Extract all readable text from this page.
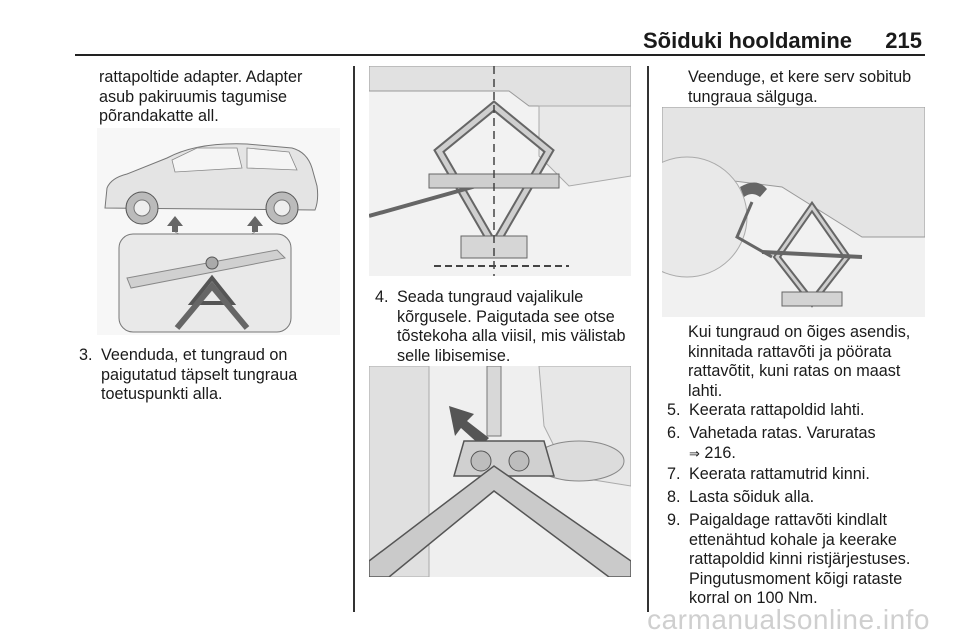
Sõiduki hooldamine 215
rattapoltide adapter. Adapter
asub pakiruumis tagumise
põrandakatte all.
3. Veenduda, et tungraud on
paigutatud täpselt tungraua
toetuspunkti alla.
4. Seada tungraud vajalikule
kõrgusele. Paigutada see otse
tõstekoha alla viisil, mis välistab
selle libisemise.
Veenduge, et kere serv sobitub
tungraua sälguga.
Kui tungraud on õiges asendis,
kinnitada rattavõti ja pöörata
rattavõtit, kuni ratas on maast
lahti.
5. Keerata rattapoldid lahti.
6. Vahetada ratas. Varuratas
⇒ 216.
7. Keerata rattamutrid kinni.
8. Lasta sõiduk alla.
9. Paigaldage rattavõti kindlalt
ettenähtud kohale ja keerake
rattapoldid kinni ristjärjestuses.
Pingutusmoment kõigi rataste
korral on 100 Nm.
carmanualsonline.info
